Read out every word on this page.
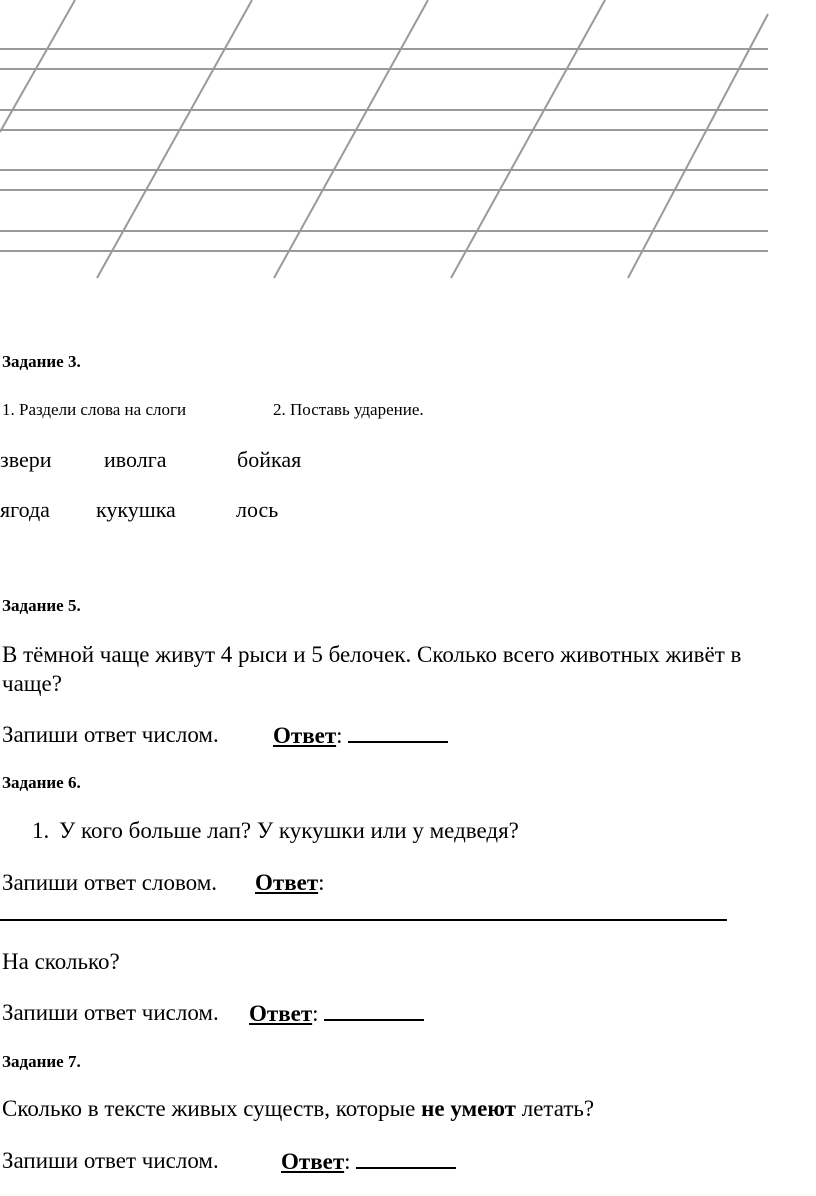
Задание 3.
1. Раздели слова на слоги	2. Поставь ударение.
звери иволга	бойкая
ягода кукушка	лось
Задание 5.
В тёмной чаще живут 4 рыси и 5 белочек. Сколько всего животных живёт в
чаще?
Запиши ответ числом. Ответ:
Задание 6.
1. У кого больше лап? У кукушки или у медведя?
Запиши ответ словом. Ответ:
На сколько?
Запиши ответ числом. Ответ:
Задание 7.
Сколько в тексте живых существ, которые не умеют летать?
Запиши ответ числом.	Ответ:
